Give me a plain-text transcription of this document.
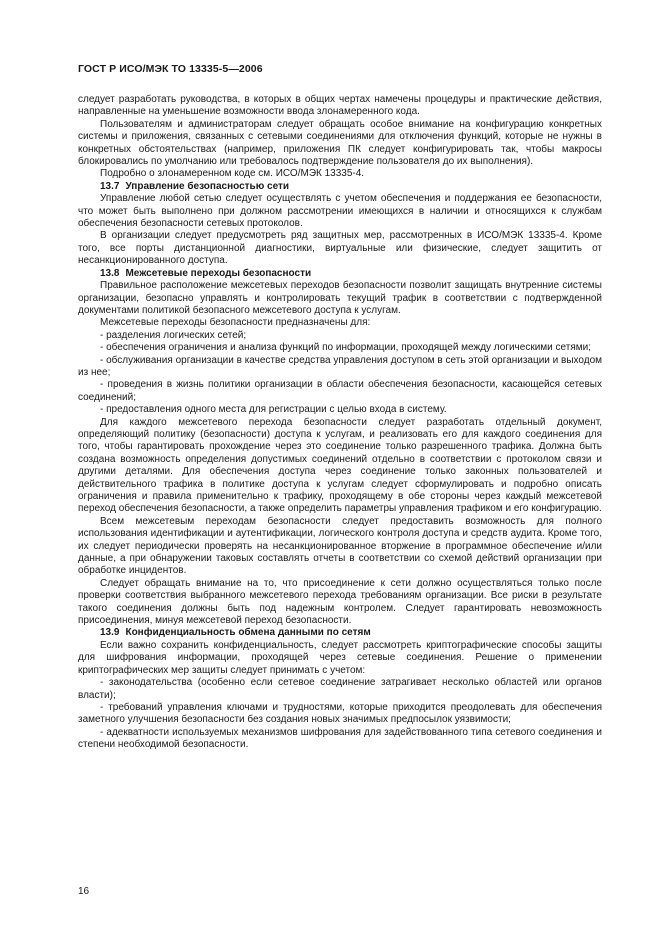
ГОСТ Р ИСО/МЭК ТО 13335-5—2006

следует разработать руководства, в которых в общих чертах намечены процедуры и практические действия, направленные на уменьшение возможности ввода злонамеренного кода.

Пользователям и администраторам следует обращать особое внимание на конфигурацию конкретных системы и приложения, связанных с сетевыми соединениями для отключения функций, которые не нужны в конкретных обстоятельствах (например, приложения ПК следует конфигурировать так, чтобы макросы блокировались по умолчанию или требовалось подтверждение пользователя до их выполнения).

Подробно о злонамеренном коде см. ИСО/МЭК 13335-4.

13.7 Управление безопасностью сети

Управление любой сетью следует осуществлять с учетом обеспечения и поддержания ее безопасности, что может быть выполнено при должном рассмотрении имеющихся в наличии и относящихся к службам обеспечения безопасности сетевых протоколов.

В организации следует предусмотреть ряд защитных мер, рассмотренных в ИСО/МЭК 13335-4. Кроме того, все порты дистанционной диагностики, виртуальные или физические, следует защитить от несанкционированного доступа.

13.8 Межсетевые переходы безопасности

Правильное расположение межсетевых переходов безопасности позволит защищать внутренние системы организации, безопасно управлять и контролировать текущий трафик в соответствии с подтвержденной документами политикой безопасного межсетевого доступа к услугам.

Межсетевые переходы безопасности предназначены для:

- разделения логических сетей;

- обеспечения ограничения и анализа функций по информации, проходящей между логическими сетями;

- обслуживания организации в качестве средства управления доступом в сеть этой организации и выходом из нее;

- проведения в жизнь политики организации в области обеспечения безопасности, касающейся сетевых соединений;

- предоставления одного места для регистрации с целью входа в систему.

Для каждого межсетевого перехода безопасности следует разработать отдельный документ, определяющий политику (безопасности) доступа к услугам, и реализовать его для каждого соединения для того, чтобы гарантировать прохождение через это соединение только разрешенного трафика. Должна быть создана возможность определения допустимых соединений отдельно в соответствии с протоколом связи и другими деталями. Для обеспечения доступа через соединение только законных пользователей и действительного трафика в политике доступа к услугам следует сформулировать и подробно описать ограничения и правила применительно к трафику, проходящему в обе стороны через каждый межсетевой переход обеспечения безопасности, а также определить параметры управления трафиком и его конфигурацию.

Всем межсетевым переходам безопасности следует предоставить возможность для полного использования идентификации и аутентификации, логического контроля доступа и средств аудита. Кроме того, их следует периодически проверять на несанкционированное вторжение в программное обеспечение и/или данные, а при обнаружении таковых составлять отчеты в соответствии со схемой действий организации при обработке инцидентов.

Следует обращать внимание на то, что присоединение к сети должно осуществляться только после проверки соответствия выбранного межсетевого перехода требованиям организации. Все риски в результате такого соединения должны быть под надежным контролем. Следует гарантировать невозможность присоединения, минуя межсетевой переход безопасности.

13.9 Конфиденциальность обмена данными по сетям

Если важно сохранить конфиденциальность, следует рассмотреть криптографические способы защиты для шифрования информации, проходящей через сетевые соединения. Решение о применении криптографических мер защиты следует принимать с учетом:

- законодательства (особенно если сетевое соединение затрагивает несколько областей или органов власти);

- требований управления ключами и трудностями, которые приходится преодолевать для обеспечения заметного улучшения безопасности без создания новых значимых предпосылок уязвимости;

- адекватности используемых механизмов шифрования для задействованного типа сетевого соединения и степени необходимой безопасности.

16
